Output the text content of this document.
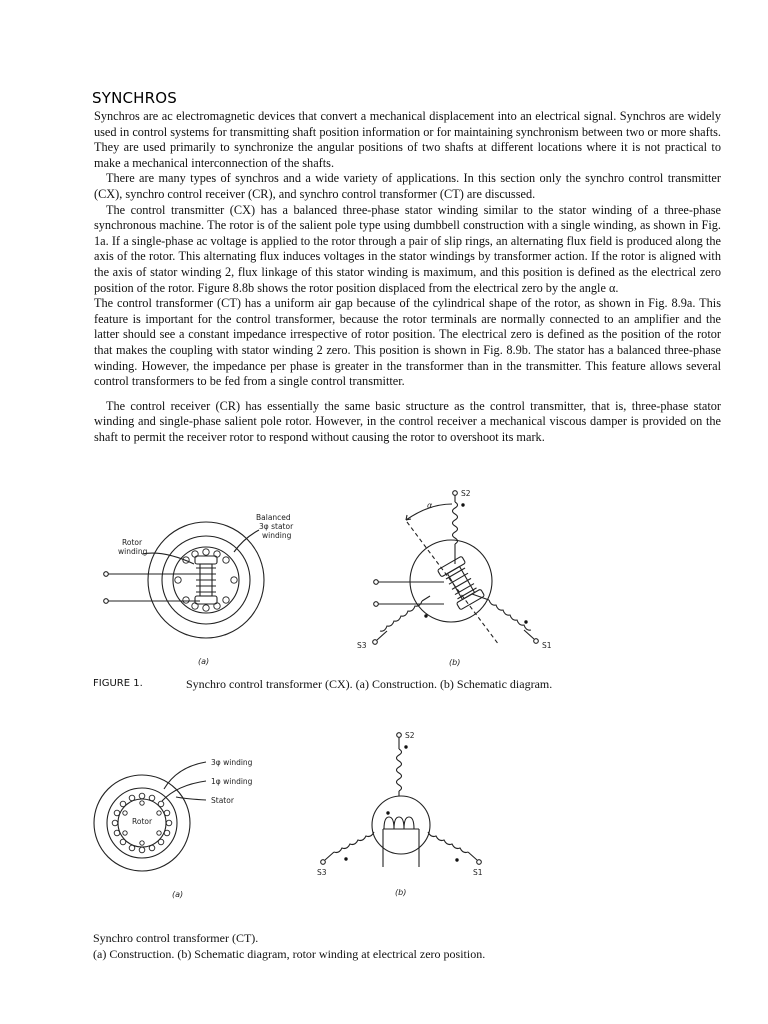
SYNCHROS

Synchros are ac electromagnetic devices that convert a mechanical displacement into an electrical signal. Synchros are widely used in control systems for transmitting shaft position information or for maintaining synchronism between two or more shafts. They are used primarily to synchronize the angular positions of two shafts at different locations where it is not practical to make a mechanical interconnection of the shafts.

There are many types of synchros and a wide variety of applications. In this section only the synchro control transmitter (CX), synchro control receiver (CR), and synchro control transformer (CT) are discussed.

The control transmitter (CX) has a balanced three-phase stator winding similar to the stator winding of a three-phase synchronous machine. The rotor is of the salient pole type using dumbbell construction with a single winding, as shown in Fig. 1a. If a single-phase ac voltage is applied to the rotor through a pair of slip rings, an alternating flux field is produced along the axis of the rotor. This alternating flux induces voltages in the stator windings by transformer action. If the rotor is aligned with the axis of stator winding 2, flux linkage of this stator winding is maximum, and this position is defined as the electrical zero position of the rotor. Figure 8.8b shows the rotor position displaced from the electrical zero by the angle α.

The control transformer (CT) has a uniform air gap because of the cylindrical shape of the rotor, as shown in Fig. 8.9a. This feature is important for the control transformer, because the rotor terminals are normally connected to an amplifier and the latter should see a constant impedance irrespective of rotor position. The electrical zero is defined as the position of the rotor that makes the coupling with stator winding 2 zero. This position is shown in Fig. 8.9b. The stator has a balanced three-phase winding. However, the impedance per phase is greater in the transformer than in the transmitter. This feature allows several control transformers to be fed from a single control transmitter.

The control receiver (CR) has essentially the same basic structure as the control transmitter, that is, three-phase stator winding and single-phase salient pole rotor. However, in the control receiver a mechanical viscous damper is provided on the shaft to permit the receiver rotor to respond without causing the rotor to overshoot its mark.

Balanced
3φ stator
winding
Rotor
winding
(a)
S2
S3	S1
α
(b)
FIGURE 1.	Synchro control transformer (CX). (a) Construction. (b) Schematic diagram.
3φ winding
1φ winding
Stator
Rotor
(a)
S2
S3	S1
(b)
Synchro control transformer (CT).
(a) Construction. (b) Schematic diagram, rotor winding at electrical zero position.
